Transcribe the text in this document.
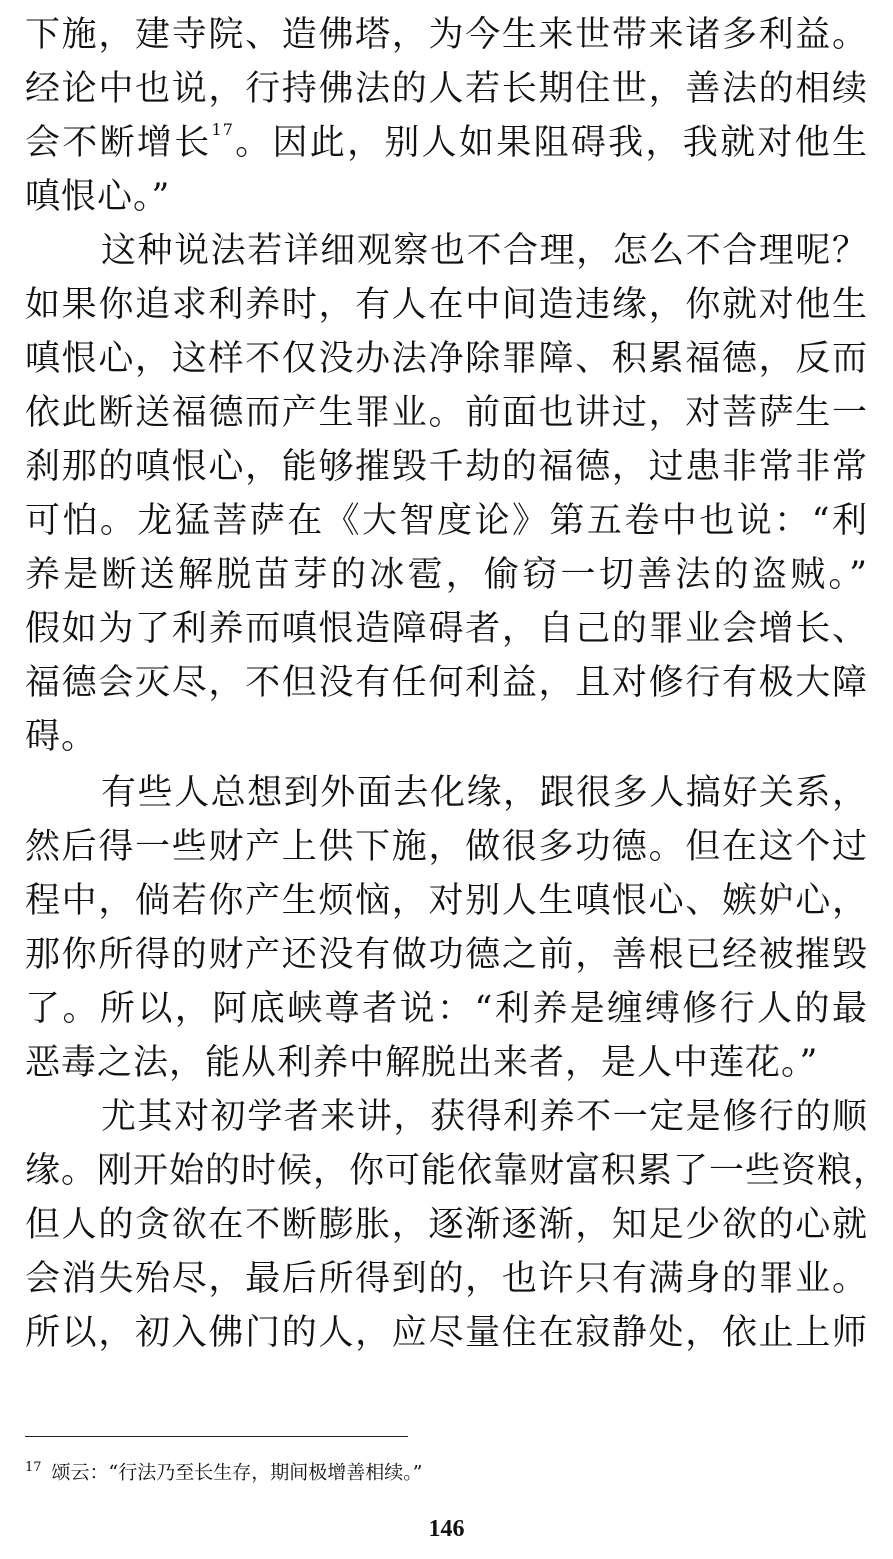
下施，建寺院、造佛塔，为今生来世带来诸多利益。
经论中也说，行持佛法的人若长期住世，善法的相续
会不断增长$^{17}$。因此，别人如果阻碍我，我就对他生
嗔恨心。”
这种说法若详细观察也不合理，怎么不合理呢？
如果你追求利养时，有人在中间造违缘，你就对他生
嗔恨心，这样不仅没办法净除罪障、积累福德，反而
依此断送福德而产生罪业。前面也讲过，对菩萨生一
刹那的嗔恨心，能够摧毁千劫的福德，过患非常非常
可怕。龙猛菩萨在《大智度论》第五卷中也说：“利
养是断送解脱苗芽的冰雹，偷窃一切善法的盗贼。”
假如为了利养而嗔恨造障碍者，自己的罪业会增长、
福德会灭尽，不但没有任何利益，且对修行有极大障
碍。
有些人总想到外面去化缘，跟很多人搞好关系，
然后得一些财产上供下施，做很多功德。但在这个过
程中，倘若你产生烦恼，对别人生嗔恨心、嫉妒心，
那你所得的财产还没有做功德之前，善根已经被摧毁
了。所以，阿底峡尊者说：“利养是缠缚修行人的最
恶毒之法，能从利养中解脱出来者，是人中莲花。”
尤其对初学者来讲，获得利养不一定是修行的顺
缘。刚开始的时候，你可能依靠财富积累了一些资粮，
但人的贪欲在不断膨胀，逐渐逐渐，知足少欲的心就
会消失殆尽，最后所得到的，也许只有满身的罪业。
所以，初入佛门的人，应尽量住在寂静处，依止上师
$^{17}$ 颂云：“行法乃至长生存，期间极增善相续。”
146
